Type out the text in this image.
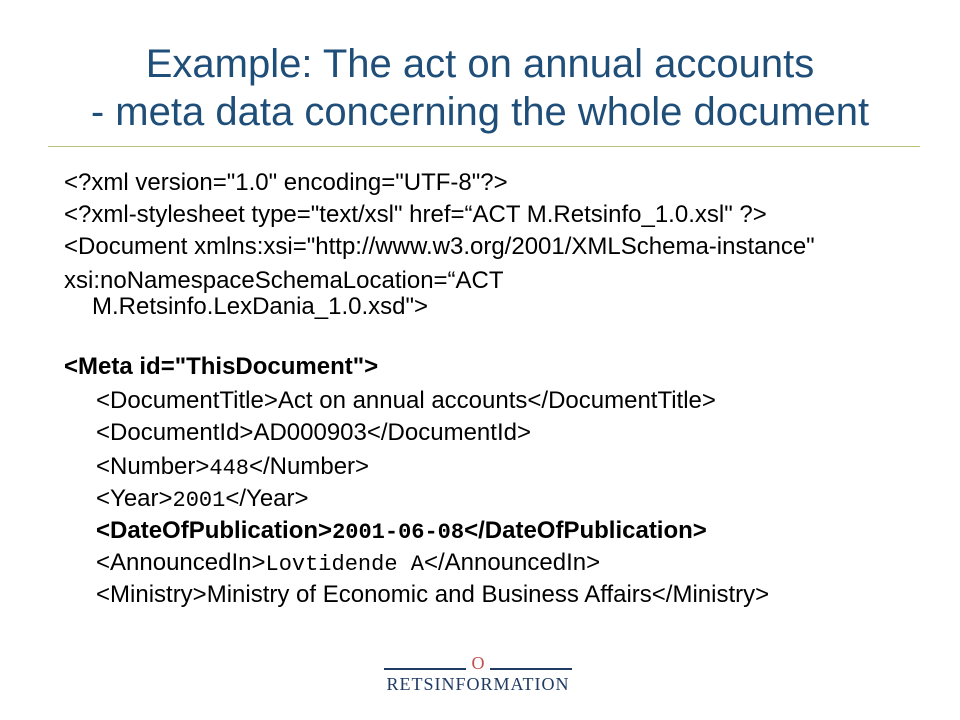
Example: The act on annual accounts
- meta data concerning the whole document
<?xml version="1.0" encoding="UTF-8"?>
<?xml-stylesheet type="text/xsl" href=“ACT M.Retsinfo_1.0.xsl" ?>
<Document xmlns:xsi="http://www.w3.org/2001/XMLSchema-instance"
xsi:noNamespaceSchemaLocation=“ACT
M.Retsinfo.LexDania_1.0.xsd">
<Meta id="ThisDocument">
<DocumentTitle>Act on annual accounts</DocumentTitle>
<DocumentId>AD000903</DocumentId>
<Number>448</Number>
<Year>2001</Year>
<DateOfPublication>2001-06-08</DateOfPublication>
<AnnouncedIn>Lovtidende A</AnnouncedIn>
<Ministry>Ministry of Economic and Business Affairs</Ministry>
O
RETSINFORMATION
